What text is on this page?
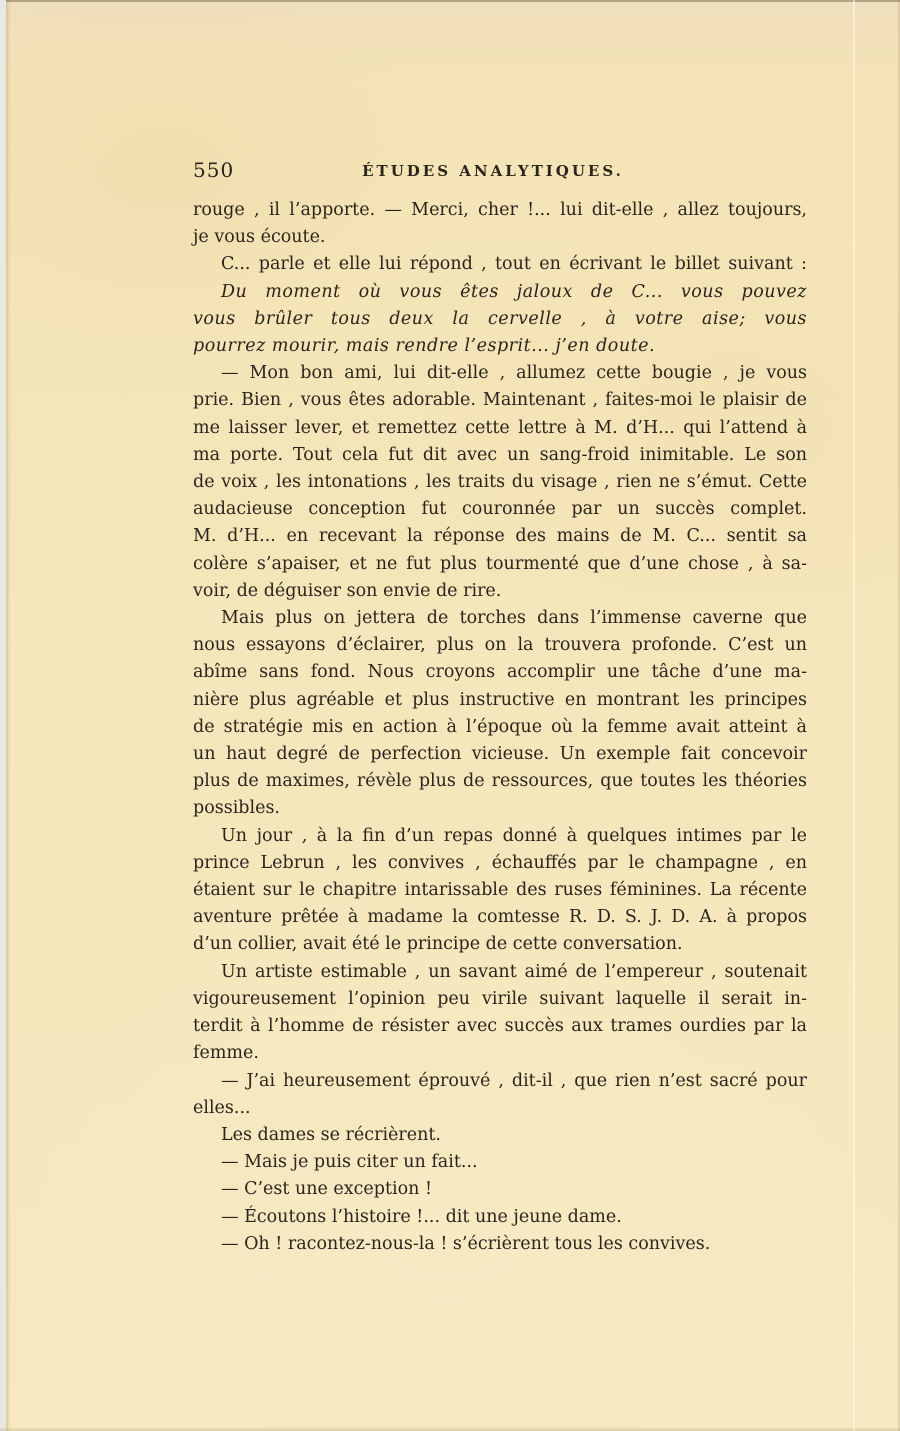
550	ÉTUDES ANALYTIQUES.
rouge , il l’apporte. — Merci, cher !... lui dit-elle , allez toujours,
je vous écoute.
C... parle et elle lui répond , tout en écrivant le billet suivant :
Du moment où vous êtes jaloux de C... vous pouvez
vous brûler tous deux la cervelle , à votre aise; vous
pourrez mourir, mais rendre l’esprit... j’en doute.
— Mon bon ami, lui dit-elle , allumez cette bougie , je vous
prie. Bien , vous êtes adorable. Maintenant , faites-moi le plaisir de
me laisser lever, et remettez cette lettre à M. d’H... qui l’attend à
ma porte. Tout cela fut dit avec un sang-froid inimitable. Le son
de voix , les intonations , les traits du visage , rien ne s’émut. Cette
audacieuse conception fut couronnée par un succès complet.
M. d’H... en recevant la réponse des mains de M. C... sentit sa
colère s’apaiser, et ne fut plus tourmenté que d’une chose , à sa-
voir, de déguiser son envie de rire.
Mais plus on jettera de torches dans l’immense caverne que
nous essayons d’éclairer, plus on la trouvera profonde. C’est un
abîme sans fond. Nous croyons accomplir une tâche d’une ma-
nière plus agréable et plus instructive en montrant les principes
de stratégie mis en action à l’époque où la femme avait atteint à
un haut degré de perfection vicieuse. Un exemple fait concevoir
plus de maximes, révèle plus de ressources, que toutes les théories
possibles.
Un jour , à la fin d’un repas donné à quelques intimes par le
prince Lebrun , les convives , échauffés par le champagne , en
étaient sur le chapitre intarissable des ruses féminines. La récente
aventure prêtée à madame la comtesse R. D. S. J. D. A. à propos
d’un collier, avait été le principe de cette conversation.
Un artiste estimable , un savant aimé de l’empereur , soutenait
vigoureusement l’opinion peu virile suivant laquelle il serait in-
terdit à l’homme de résister avec succès aux trames ourdies par la
femme.
— J’ai heureusement éprouvé , dit-il , que rien n’est sacré pour
elles...
Les dames se récrièrent.
— Mais je puis citer un fait...
— C’est une exception !
— Écoutons l’histoire !... dit une jeune dame.
— Oh ! racontez-nous-la ! s’écrièrent tous les convives.
